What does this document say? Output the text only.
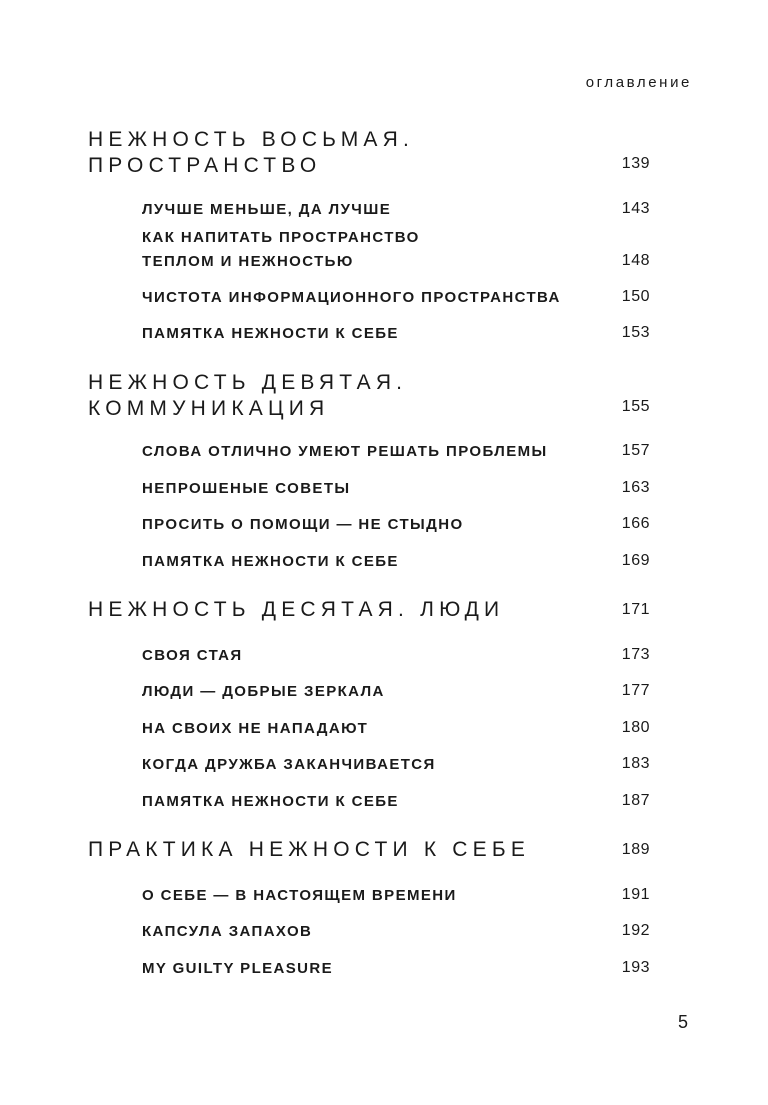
оглавление
НЕЖНОСТЬ ВОСЬМАЯ.
ПРОСТРАНСТВО	139
ЛУЧШЕ МЕНЬШЕ, ДА ЛУЧШЕ	143
КАК НАПИТАТЬ ПРОСТРАНСТВО
ТЕПЛОМ И НЕЖНОСТЬЮ	148
ЧИСТОТА ИНФОРМАЦИОННОГО ПРОСТРАНСТВА	150
ПАМЯТКА НЕЖНОСТИ К СЕБЕ	153
НЕЖНОСТЬ ДЕВЯТАЯ.
КОММУНИКАЦИЯ	155
СЛОВА ОТЛИЧНО УМЕЮТ РЕШАТЬ ПРОБЛЕМЫ	157
НЕПРОШЕНЫЕ СОВЕТЫ	163
ПРОСИТЬ О ПОМОЩИ — НЕ СТЫДНО	166
ПАМЯТКА НЕЖНОСТИ К СЕБЕ	169
НЕЖНОСТЬ ДЕСЯТАЯ. ЛЮДИ	171
СВОЯ СТАЯ	173
ЛЮДИ — ДОБРЫЕ ЗЕРКАЛА	177
НА СВОИХ НЕ НАПАДАЮТ	180
КОГДА ДРУЖБА ЗАКАНЧИВАЕТСЯ	183
ПАМЯТКА НЕЖНОСТИ К СЕБЕ	187
ПРАКТИКА НЕЖНОСТИ К СЕБЕ	189
О СЕБЕ — В НАСТОЯЩЕМ ВРЕМЕНИ	191
КАПСУЛА ЗАПАХОВ	192
MY GUILTY PLEASURE	193
5
